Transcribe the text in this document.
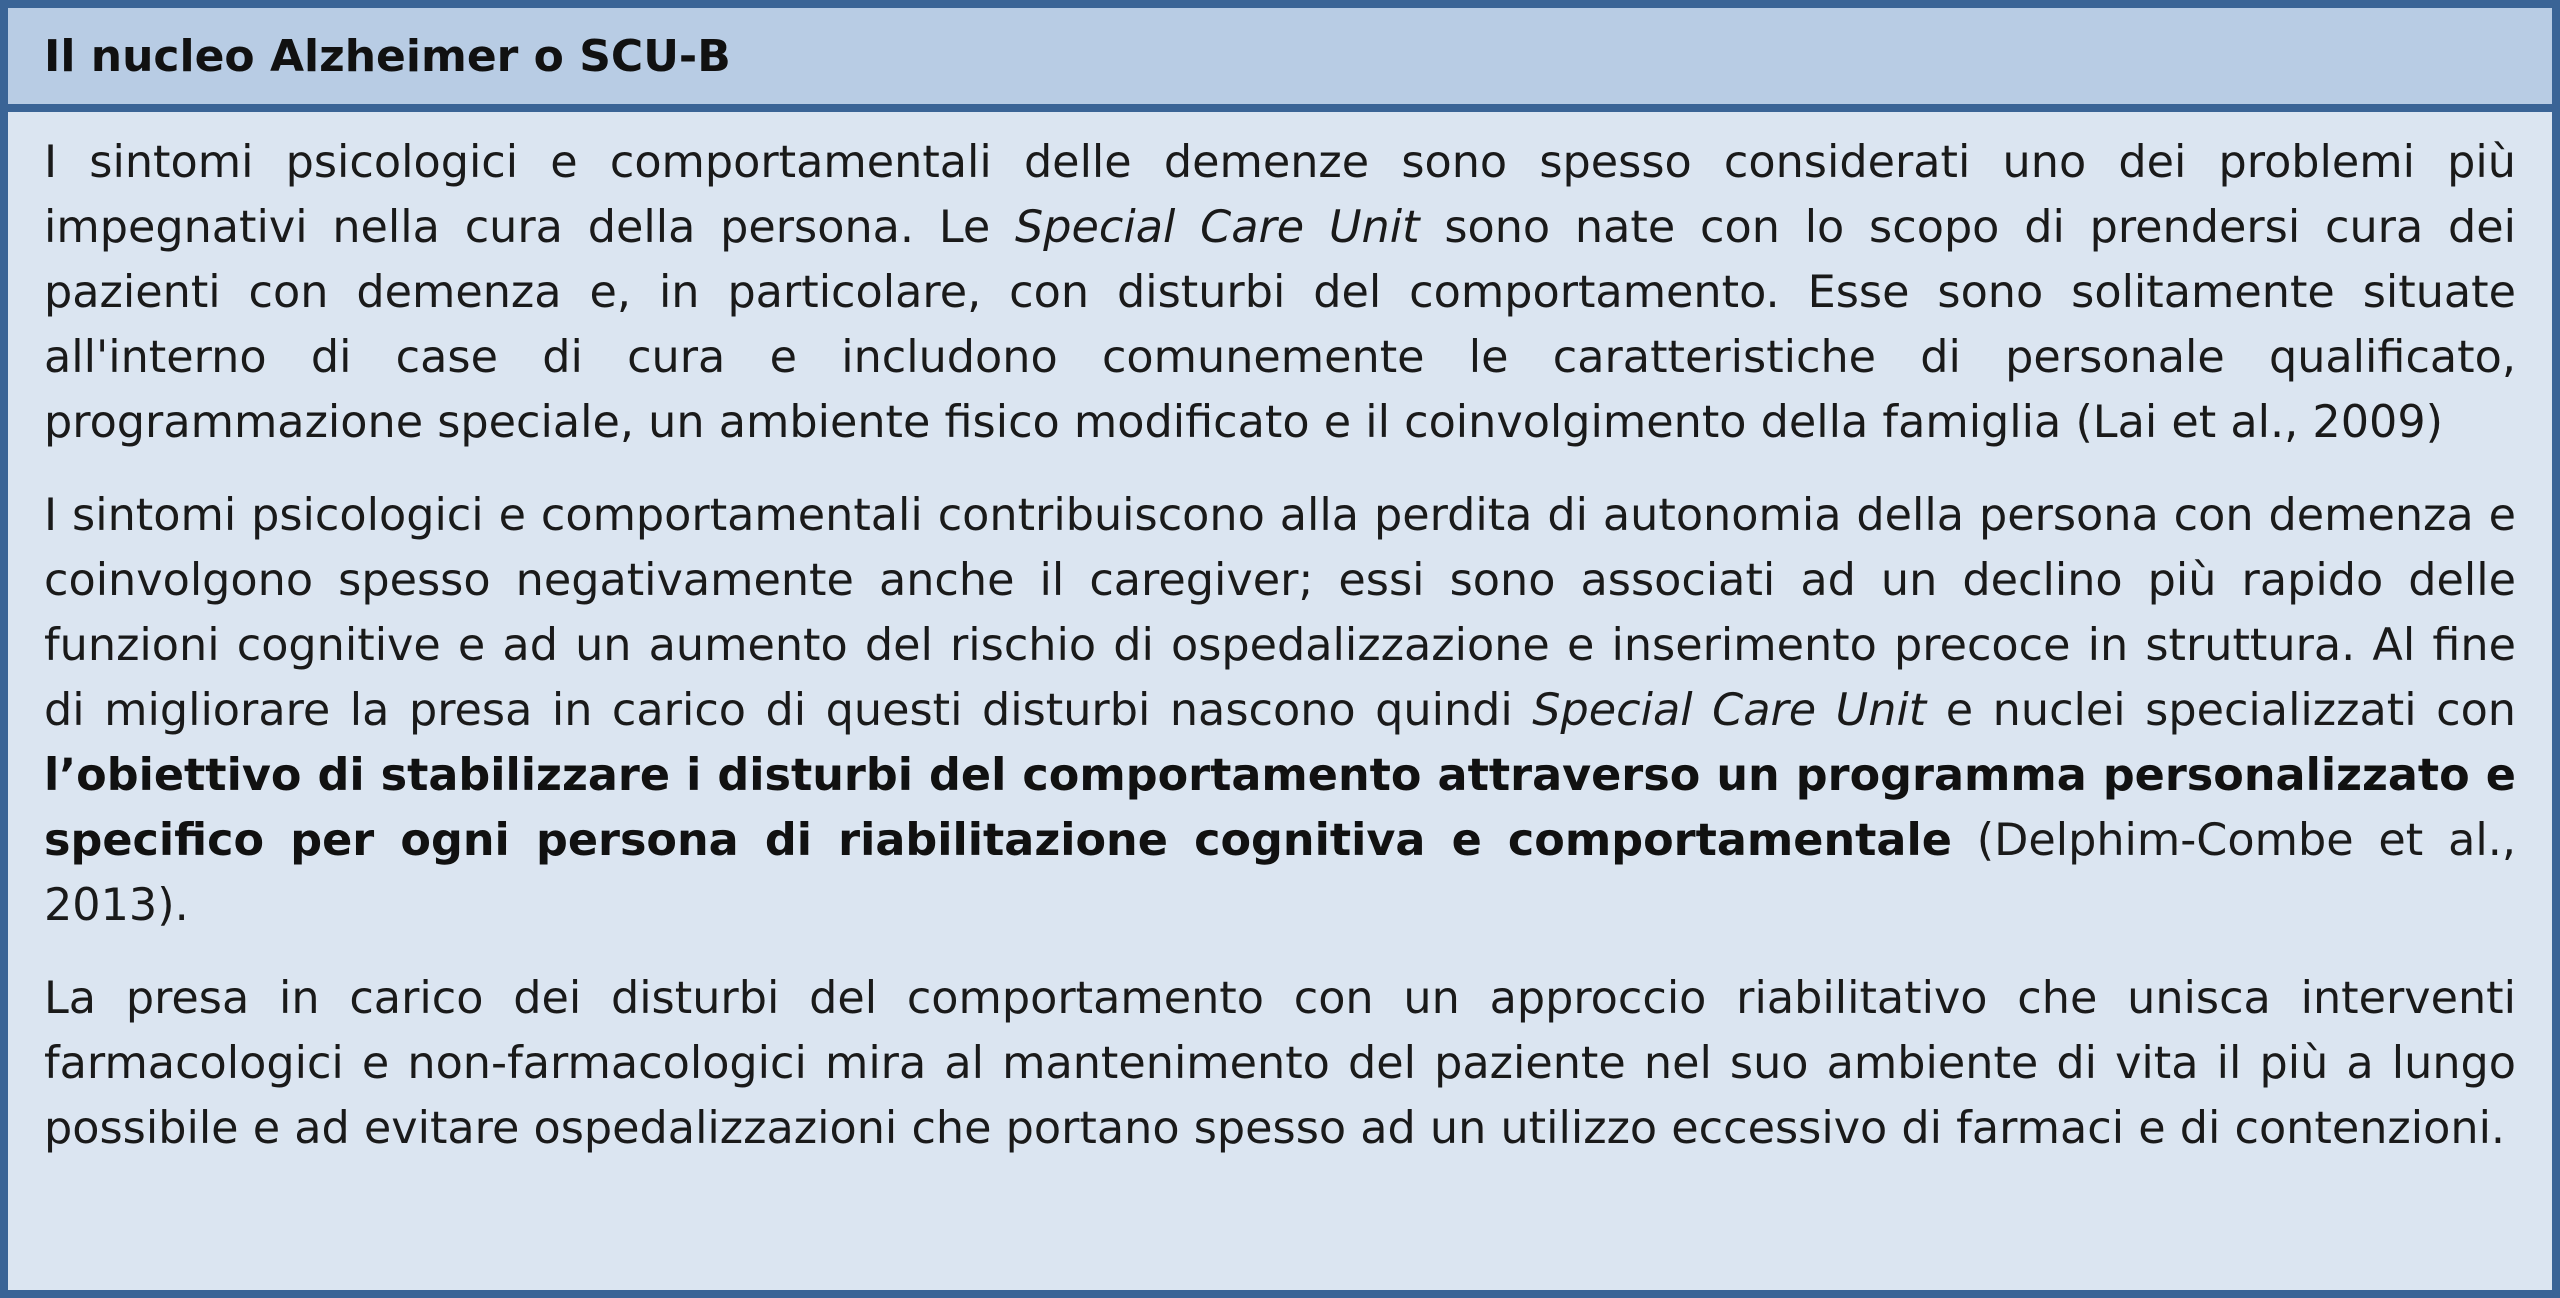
Il nucleo Alzheimer o SCU-B

I sintomi psicologici e comportamentali delle demenze sono spesso considerati uno dei problemi più impegnativi nella cura della persona. Le Special Care Unit sono nate con lo scopo di prendersi cura dei pazienti con demenza e, in particolare, con disturbi del comportamento. Esse sono solitamente situate all'interno di case di cura e includono comunemente le caratteristiche di personale qualificato, programmazione speciale, un ambiente fisico modificato e il coinvolgimento della famiglia (Lai et al., 2009)

I sintomi psicologici e comportamentali contribuiscono alla perdita di autonomia della persona con demenza e coinvolgono spesso negativamente anche il caregiver; essi sono associati ad un declino più rapido delle funzioni cognitive e ad un aumento del rischio di ospedalizzazione e inserimento precoce in struttura. Al fine di migliorare la presa in carico di questi disturbi nascono quindi Special Care Unit e nuclei specializzati con l’obiettivo di stabilizzare i disturbi del comportamento attraverso un programma personalizzato e specifico per ogni persona di riabilitazione cognitiva e comportamentale (Delphim-Combe et al., 2013).

La presa in carico dei disturbi del comportamento con un approccio riabilitativo che unisca interventi farmacologici e non-farmacologici mira al mantenimento del paziente nel suo ambiente di vita il più a lungo possibile e ad evitare ospedalizzazioni che portano spesso ad un utilizzo eccessivo di farmaci e di contenzioni.
